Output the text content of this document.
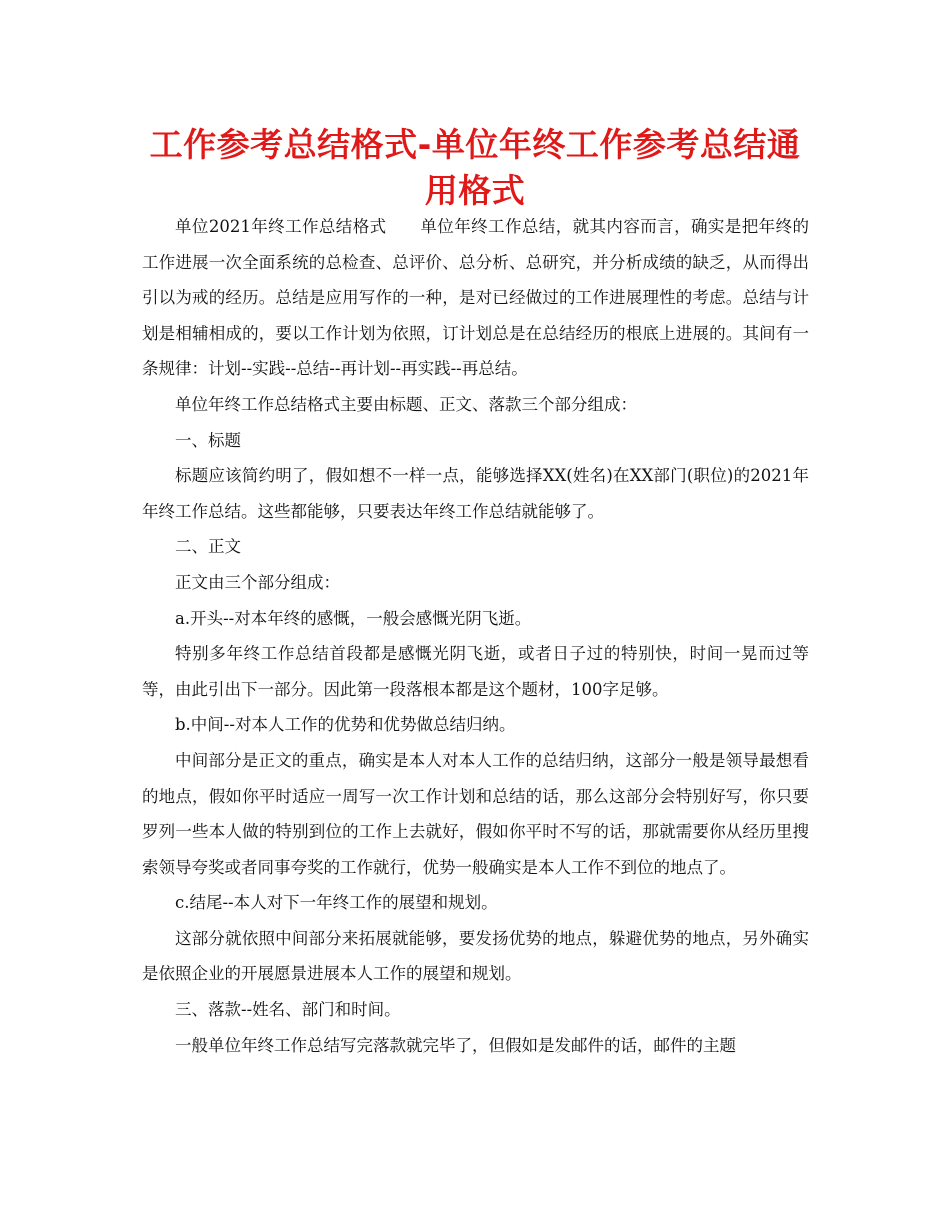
工作参考总结格式-单位年终工作参考总结通用格式

单位2021年终工作总结格式　　单位年终工作总结，就其内容而言，确实是把年终的工作进展一次全面系统的总检查、总评价、总分析、总研究，并分析成绩的缺乏，从而得出引以为戒的经历。总结是应用写作的一种，是对已经做过的工作进展理性的考虑。总结与计划是相辅相成的，要以工作计划为依照，订计划总是在总结经历的根底上进展的。其间有一条规律：计划--实践--总结--再计划--再实践--再总结。

单位年终工作总结格式主要由标题、正文、落款三个部分组成：

一、标题

标题应该简约明了，假如想不一样一点，能够选择XX(姓名)在XX部门(职位)的2021年年终工作总结。这些都能够，只要表达年终工作总结就能够了。

二、正文

正文由三个部分组成：

a.开头--对本年终的感慨，一般会感慨光阴飞逝。

特别多年终工作总结首段都是感慨光阴飞逝，或者日子过的特别快，时间一晃而过等等，由此引出下一部分。因此第一段落根本都是这个题材，100字足够。

b.中间--对本人工作的优势和优势做总结归纳。

中间部分是正文的重点，确实是本人对本人工作的总结归纳，这部分一般是领导最想看的地点，假如你平时适应一周写一次工作计划和总结的话，那么这部分会特别好写，你只要罗列一些本人做的特别到位的工作上去就好，假如你平时不写的话，那就需要你从经历里搜索领导夸奖或者同事夸奖的工作就行，优势一般确实是本人工作不到位的地点了。

c.结尾--本人对下一年终工作的展望和规划。

这部分就依照中间部分来拓展就能够，要发扬优势的地点，躲避优势的地点，另外确实是依照企业的开展愿景进展本人工作的展望和规划。

三、落款--姓名、部门和时间。

一般单位年终工作总结写完落款就完毕了，但假如是发邮件的话，邮件的主题
